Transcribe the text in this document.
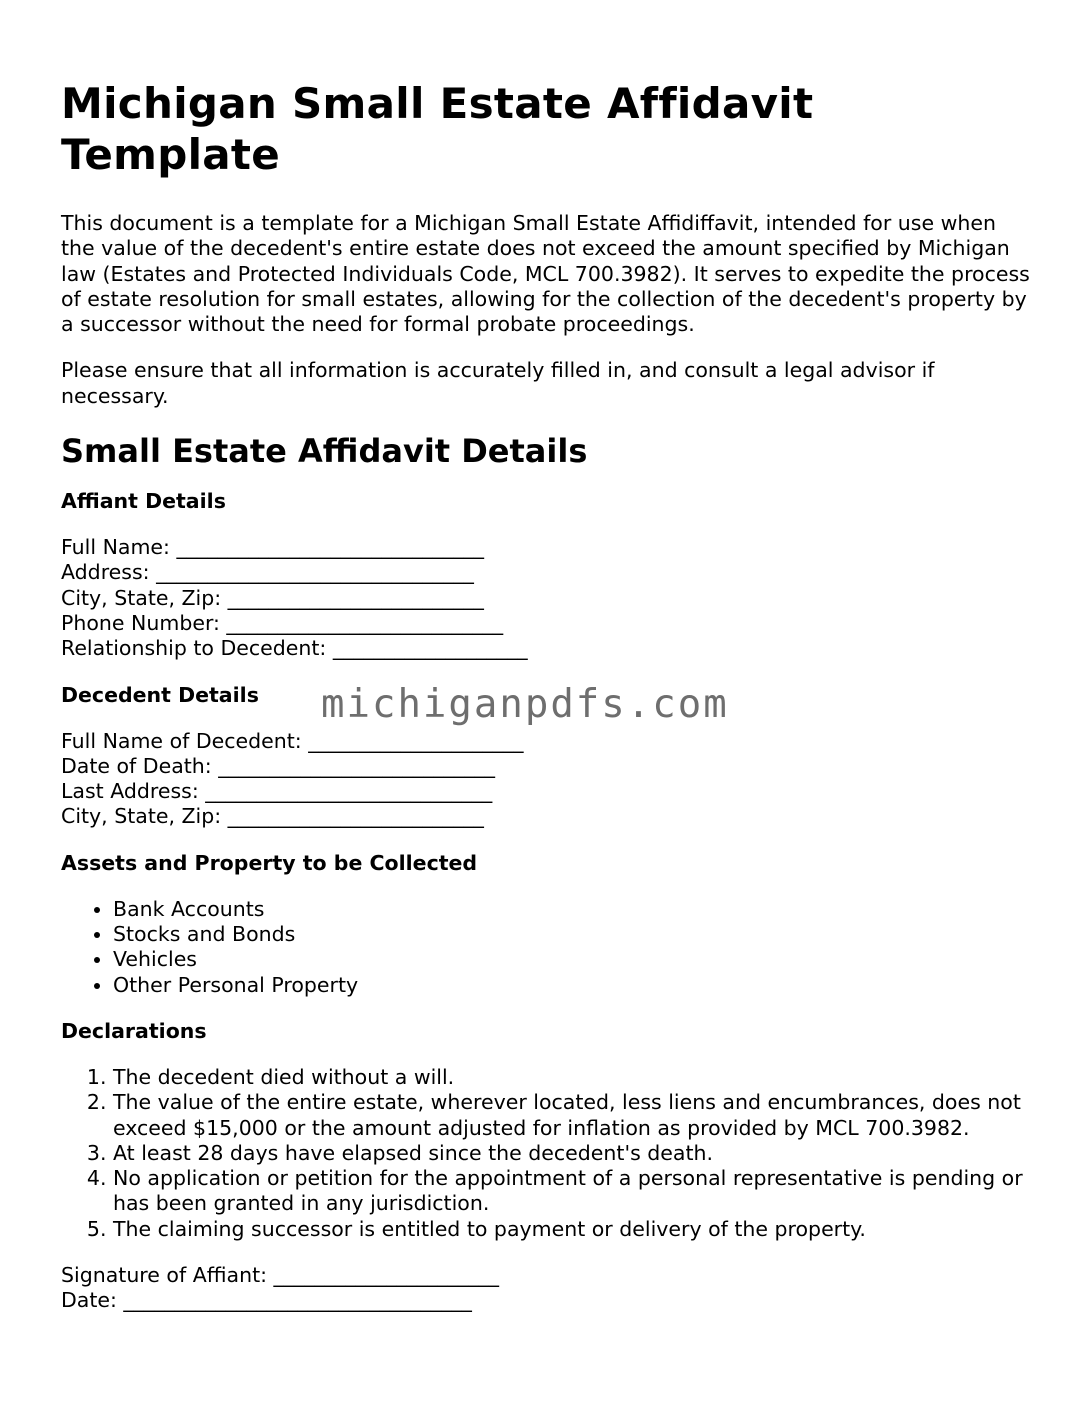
Michigan Small Estate Affidavit Template

This document is a template for a Michigan Small Estate Affidiffavit, intended for use when the value of the decedent's entire estate does not exceed the amount specified by Michigan law (Estates and Protected Individuals Code, MCL 700.3982). It serves to expedite the process of estate resolution for small estates, allowing for the collection of the decedent's property by a successor without the need for formal probate proceedings.

Please ensure that all information is accurately filled in, and consult a legal advisor if necessary.

Small Estate Affidavit Details
Affiant Details
Full Name: ______________________________
Address: _______________________________
City, State, Zip: _________________________
Phone Number: ___________________________
Relationship to Decedent: ___________________
Decedent Details
Full Name of Decedent: _____________________
Date of Death: ___________________________
Last Address: ____________________________
City, State, Zip: _________________________
Assets and Property to be Collected
• Bank Accounts
• Stocks and Bonds
• Vehicles
• Other Personal Property
Declarations
1. The decedent died without a will.
2. The value of the entire estate, wherever located, less liens and encumbrances, does not exceed $15,000 or the amount adjusted for inflation as provided by MCL 700.3982.
3. At least 28 days have elapsed since the decedent's death.
4. No application or petition for the appointment of a personal representative is pending or has been granted in any jurisdiction.
5. The claiming successor is entitled to payment or delivery of the property.
Signature of Affiant: ______________________
Date: __________________________________
michiganpdfs.com
